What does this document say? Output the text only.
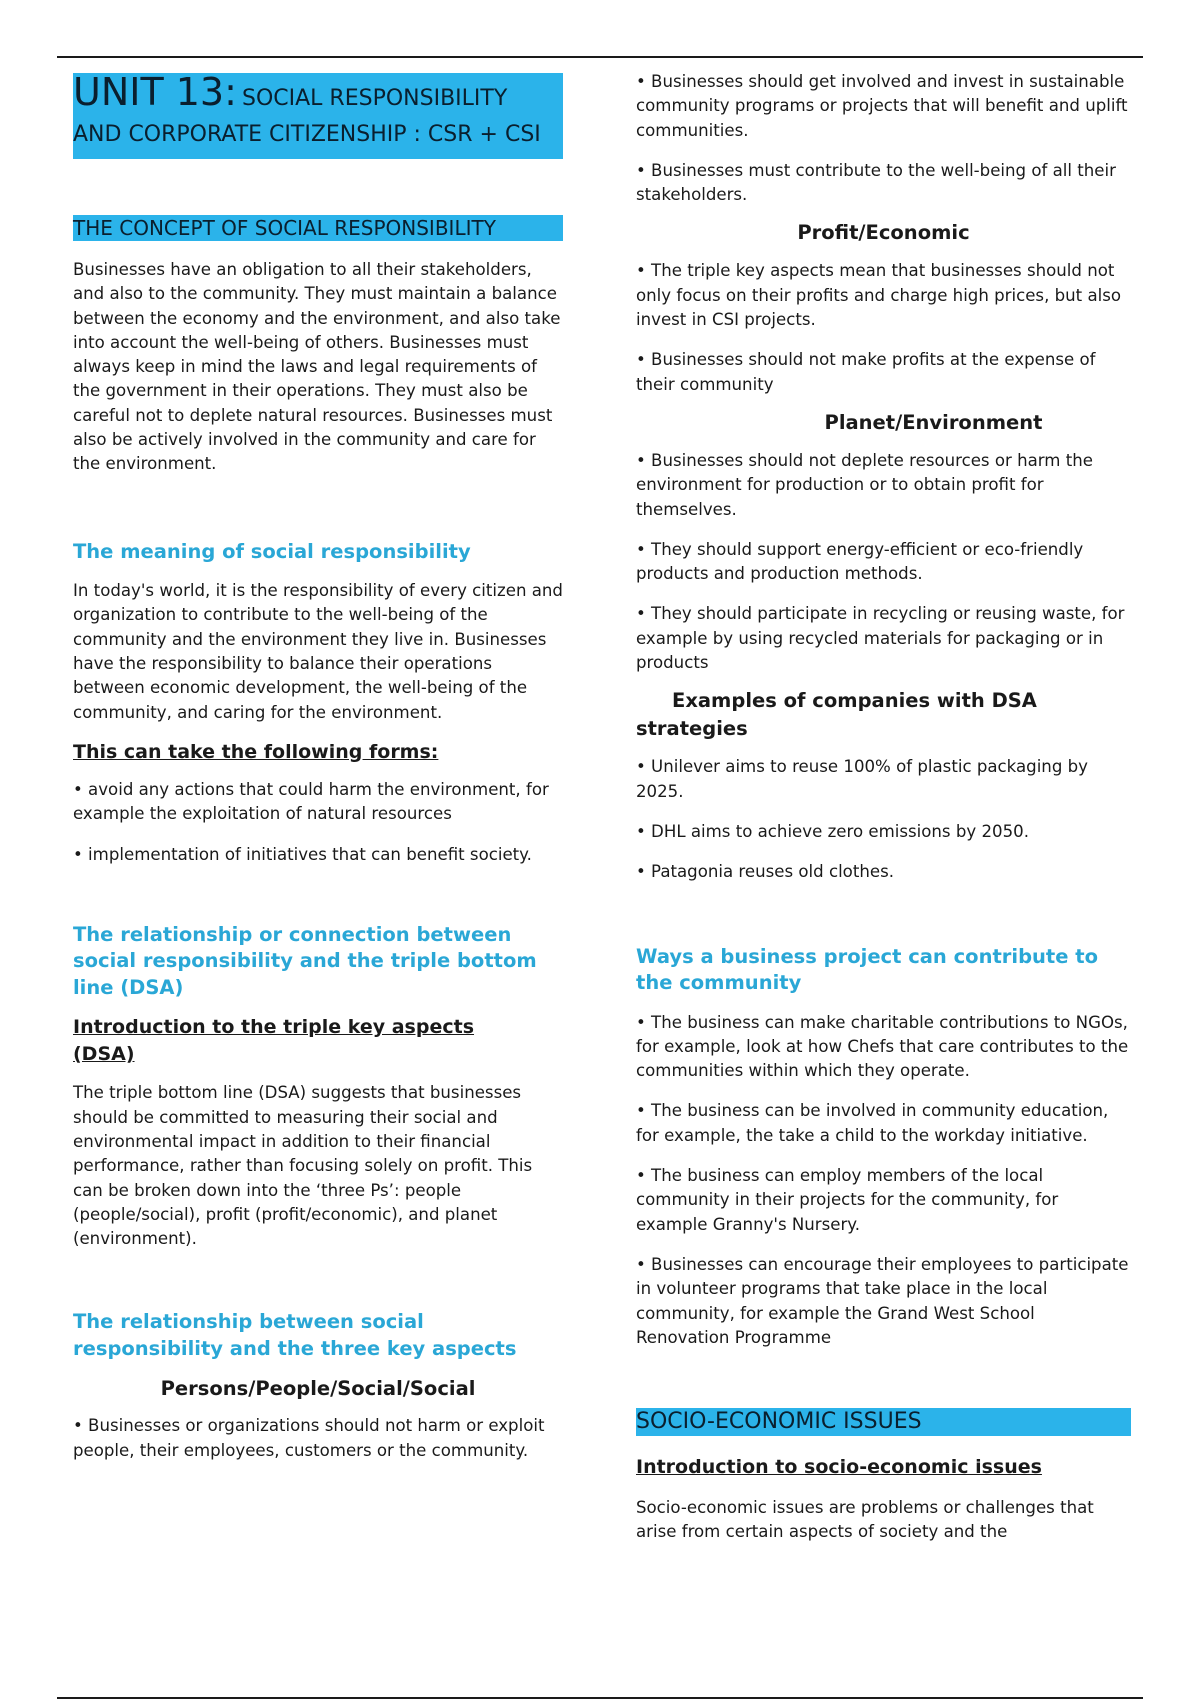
UNIT 13: SOCIAL RESPONSIBILITY
AND CORPORATE CITIZENSHIP : CSR + CSI
THE CONCEPT OF SOCIAL RESPONSIBILITY

Businesses have an obligation to all their stakeholders, and also to the community. They must maintain a balance between the economy and the environment, and also take into account the well-being of others. Businesses must always keep in mind the laws and legal requirements of the government in their operations. They must also be careful not to deplete natural resources. Businesses must also be actively involved in the community and care for the environment.

The meaning of social responsibility

In today's world, it is the responsibility of every citizen and organization to contribute to the well-being of the community and the environment they live in. Businesses have the responsibility to balance their operations between economic development, the well-being of the community, and caring for the environment.

This can take the following forms:

• avoid any actions that could harm the environment, for example the exploitation of natural resources

• implementation of initiatives that can benefit society.

The relationship or connection between social responsibility and the triple bottom line (DSA)
Introduction to the triple key aspects (DSA)

The triple bottom line (DSA) suggests that businesses should be committed to measuring their social and environmental impact in addition to their financial performance, rather than focusing solely on profit. This can be broken down into the ‘three Ps’: people (people/social), profit (profit/economic), and planet (environment).

The relationship between social responsibility and the three key aspects
Persons/People/Social/Social

• Businesses or organizations should not harm or exploit people, their employees, customers or the community.

• Businesses should get involved and invest in sustainable community programs or projects that will benefit and uplift communities.

• Businesses must contribute to the well-being of all their stakeholders.

Profit/Economic

• The triple key aspects mean that businesses should not only focus on their profits and charge high prices, but also invest in CSI projects.

• Businesses should not make profits at the expense of their community

Planet/Environment

• Businesses should not deplete resources or harm the environment for production or to obtain profit for themselves.

• They should support energy-efficient or eco-friendly products and production methods.

• They should participate in recycling or reusing waste, for example by using recycled materials for packaging or in products

Examples of companies with DSA strategies

• Unilever aims to reuse 100% of plastic packaging by 2025.

• DHL aims to achieve zero emissions by 2050.

• Patagonia reuses old clothes.

Ways a business project can contribute to the community

• The business can make charitable contributions to NGOs, for example, look at how Chefs that care contributes to the communities within which they operate.

• The business can be involved in community education, for example, the take a child to the workday initiative.

• The business can employ members of the local community in their projects for the community, for example Granny's Nursery.

• Businesses can encourage their employees to participate in volunteer programs that take place in the local community, for example the Grand West School Renovation Programme

SOCIO-ECONOMIC ISSUES
Introduction to socio-economic issues

Socio-economic issues are problems or challenges that arise from certain aspects of society and the
